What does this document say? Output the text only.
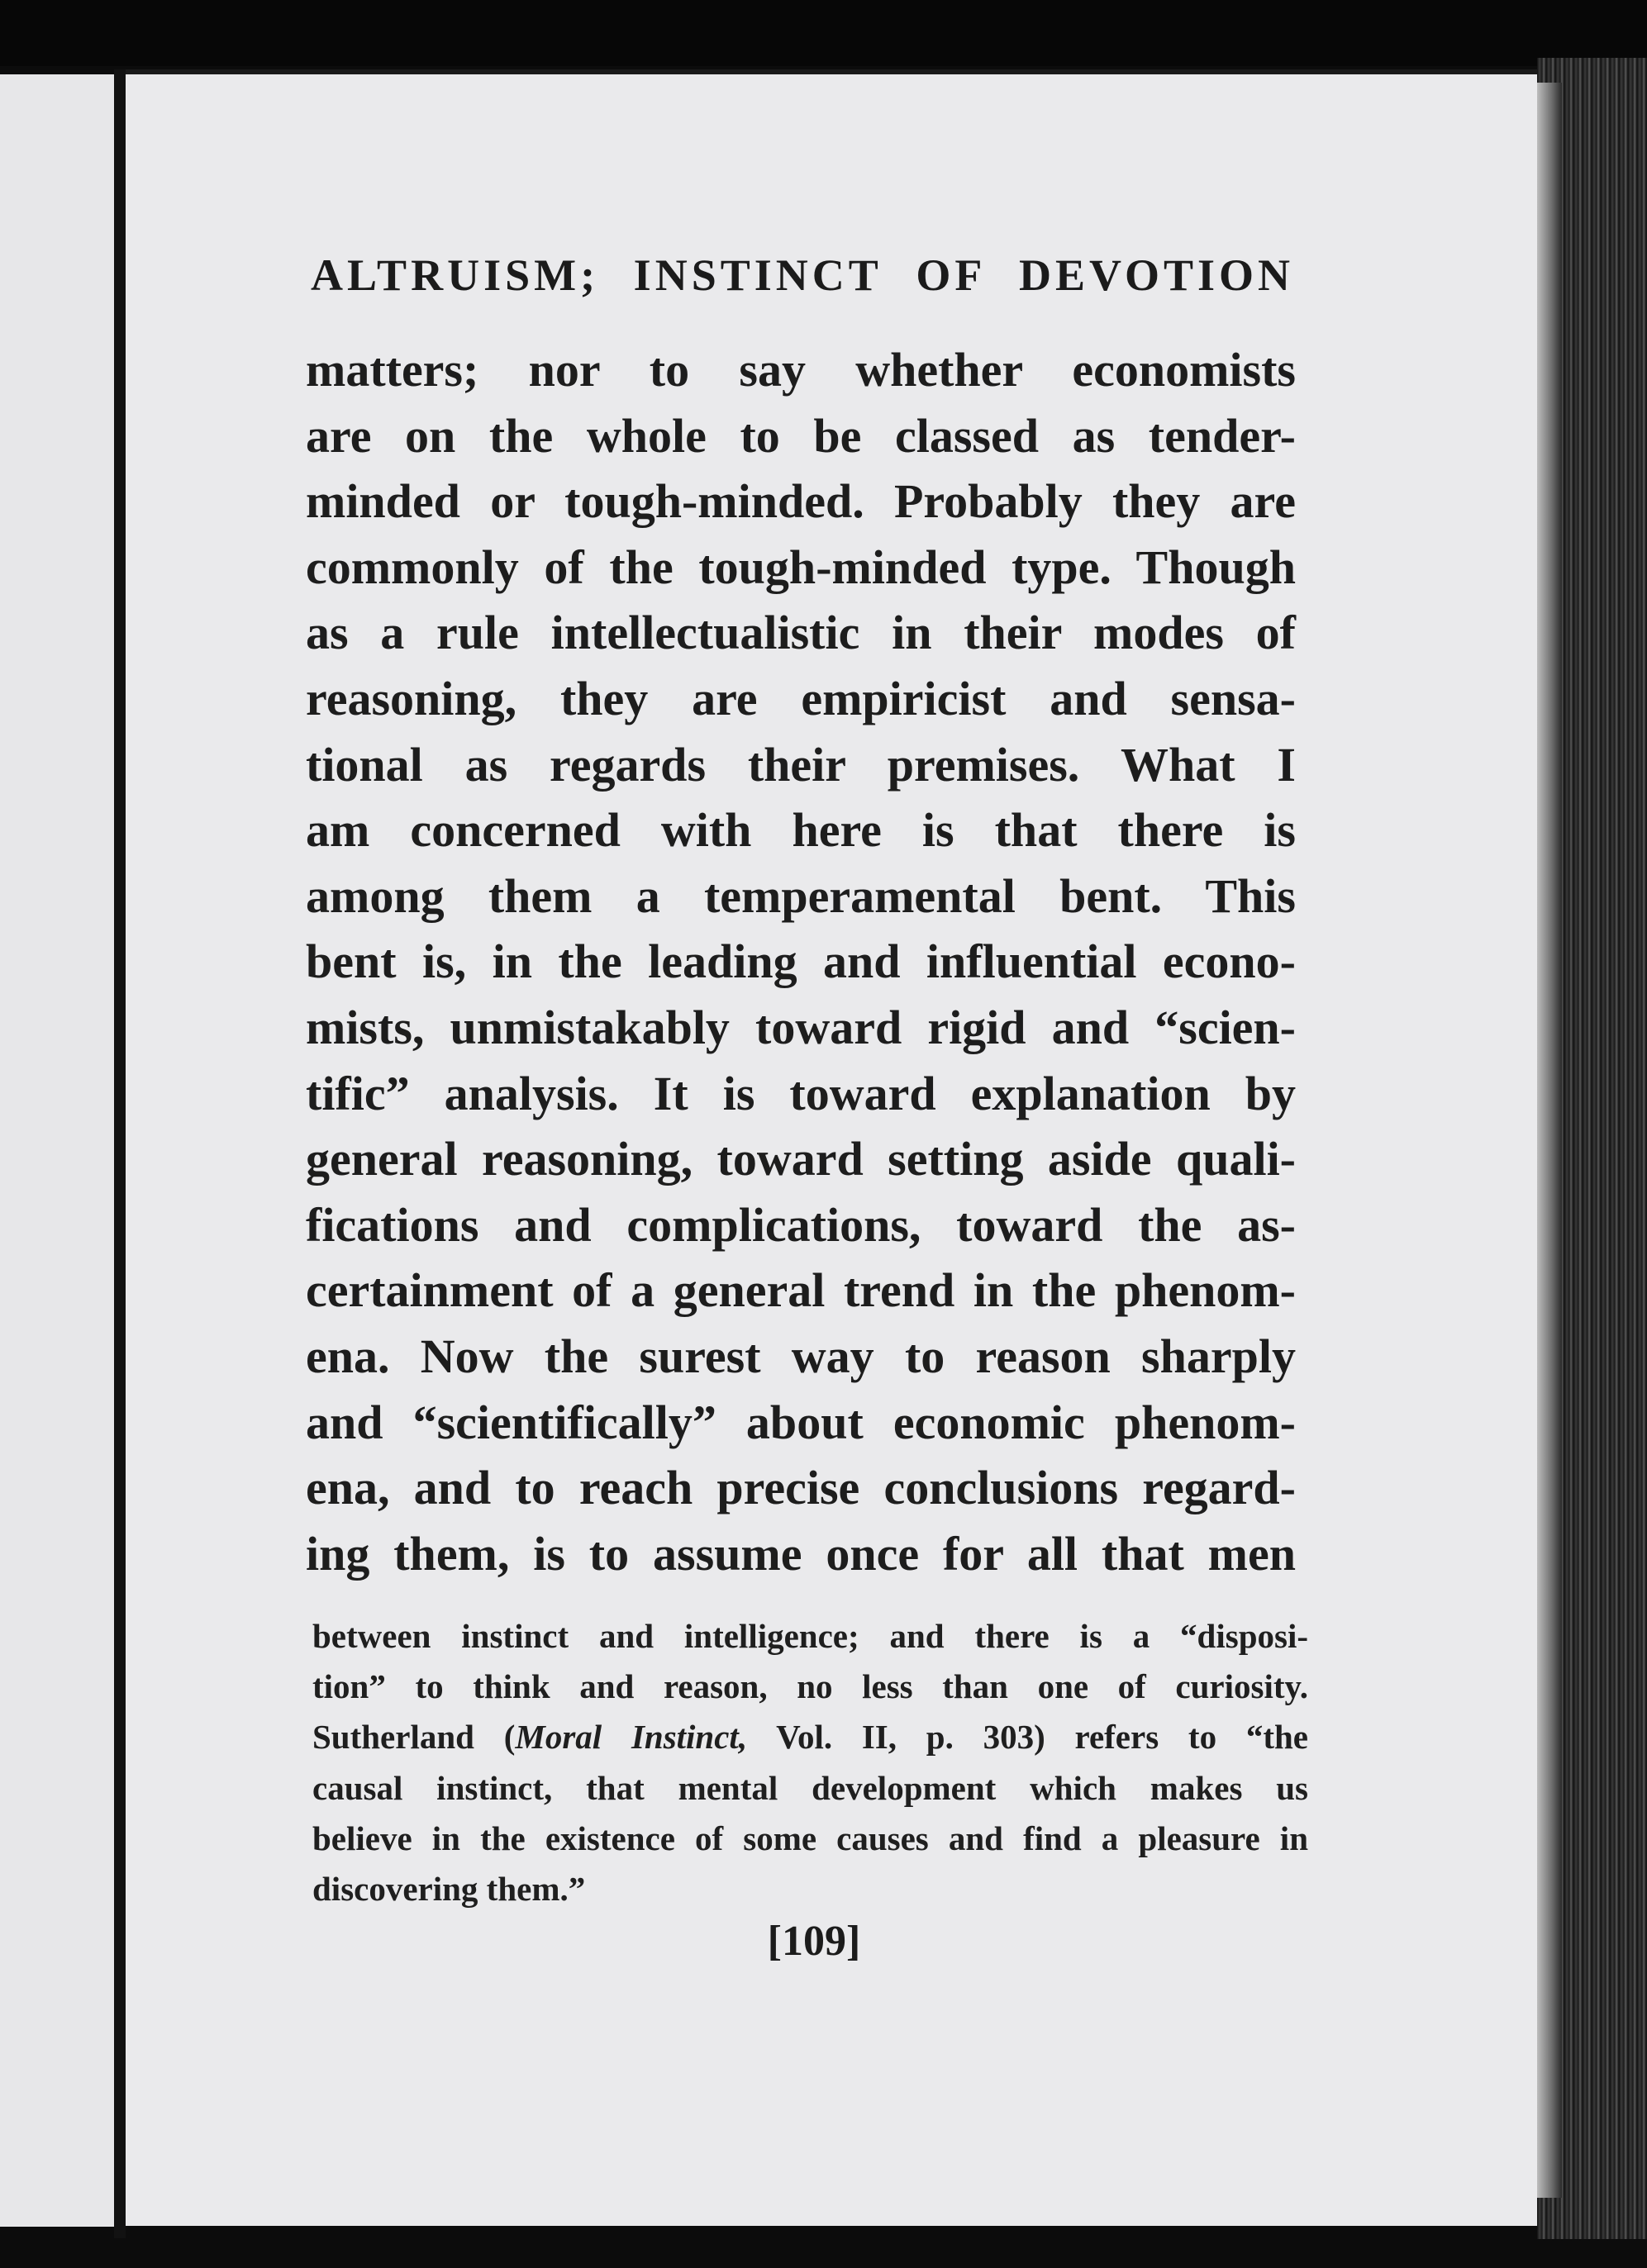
ALTRUISM; INSTINCT OF DEVOTION
matters; nor to say whether economists
are on the whole to be classed as tender-
minded or tough-minded. Probably they are
commonly of the tough-minded type. Though
as a rule intellectualistic in their modes of
reasoning, they are empiricist and sensa-
tional as regards their premises. What I
am concerned with here is that there is
among them a temperamental bent. This
bent is, in the leading and influential econo-
mists, unmistakably toward rigid and “scien-
tific” analysis. It is toward explanation by
general reasoning, toward setting aside quali-
fications and complications, toward the as-
certainment of a general trend in the phenom-
ena. Now the surest way to reason sharply
and “scientifically” about economic phenom-
ena, and to reach precise conclusions regard-
ing them, is to assume once for all that men
between instinct and intelligence; and there is a “disposi-
tion” to think and reason, no less than one of curiosity.
Sutherland (Moral Instinct, Vol. II, p. 303) refers to “the
causal instinct, that mental development which makes us
believe in the existence of some causes and find a pleasure in
discovering them.”
[109]
